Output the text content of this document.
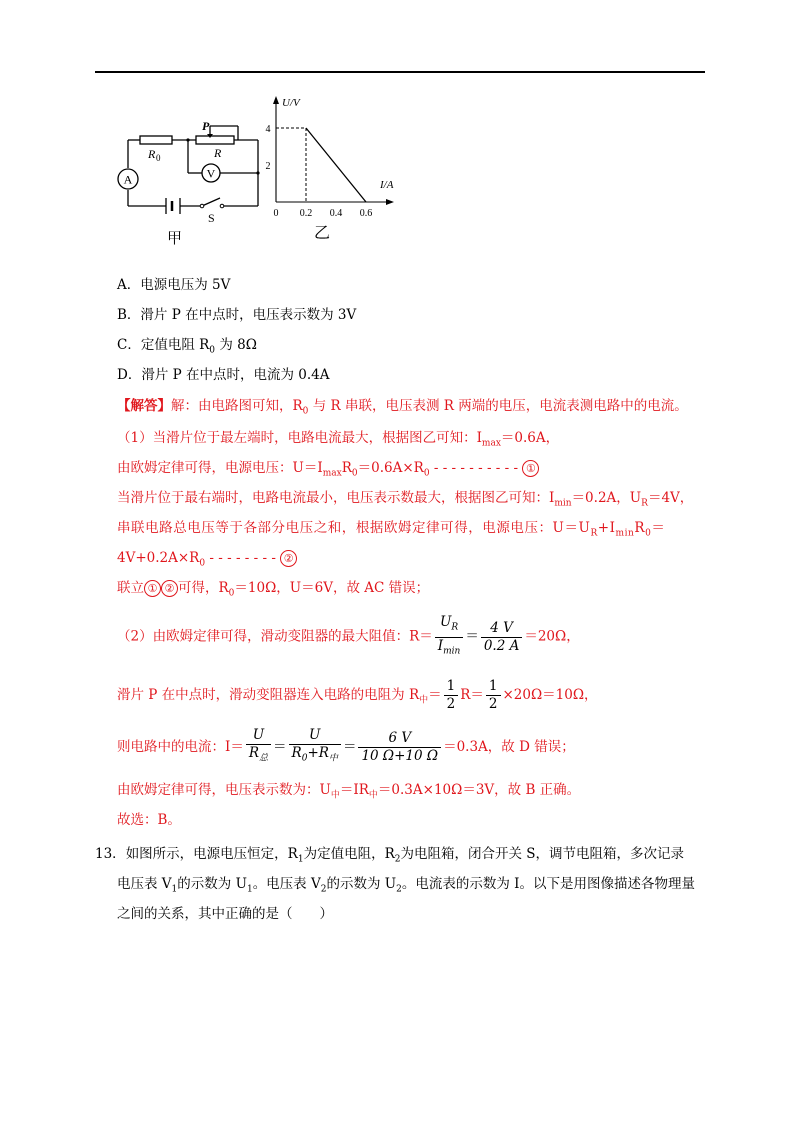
A	V
R 0
P
R
S
甲
U/V
I/A
0 0.2 0.4 0.6
2
4
乙
A．电源电压为 5V
B．滑片 P 在中点时，电压表示数为 3V
C．定值电阻 $R_0$ 为 8Ω
D．滑片 P 在中点时，电流为 0.4A
【解答】解：由电路图可知，$R_0$ 与 R 串联，电压表测 R 两端的电压，电流表测电路中的电流。
（1）当滑片位于最左端时，电路电流最大，根据图乙可知：$I_{max}=0.6A$，
由欧姆定律可得，电源电压：$U=I_{max}R_0=0.6A\times R_0$ - - - - - - - - - - ①
当滑片位于最右端时，电路电流最小，电压表示数最大，根据图乙可知：$I_{min}=0.2A$，$U_R=4V$，
串联电路总电压等于各部分电压之和，根据欧姆定律可得，电源电压：$U=U_R+I_{min}R_0=$
$4V+0.2A\times R_0$ - - - - - - - - ②
联立 ① ② 可得，$R_0=10\Omega$，U＝6V，故 AC 错误；
（2）由欧姆定律可得，滑动变阻器的最大阻值：$R= \frac{U_R}{I_{min}} = \frac{4 V}{0.2 A} =20\Omega$，
滑片 P 在中点时，滑动变阻器连入电路的电阻为 $R_中= \frac{1}{2} R= \frac{1}{2} \times 20\Omega=10\Omega$，
则电路中的电流：$I= \frac{U}{R_总} = \frac{U}{R_0+R_中} = \frac{6 V}{10 \Omega+10 \Omega} =0.3A$，故 D 错误；
由欧姆定律可得，电压表示数为：$U_中=IR_中=0.3A\times 10\Omega=3V$，故 B 正确。
故选：B。
13．如图所示，电源电压恒定，$R_1$为定值电阻，$R_2$为电阻箱，闭合开关 S，调节电阻箱，多次记录
电压表 $V_1$的示数为 $U_1$。电压表 $V_2$的示数为 $U_2$。电流表的示数为 I。以下是用图像描述各物理量
之间的关系，其中正确的是（　　）
